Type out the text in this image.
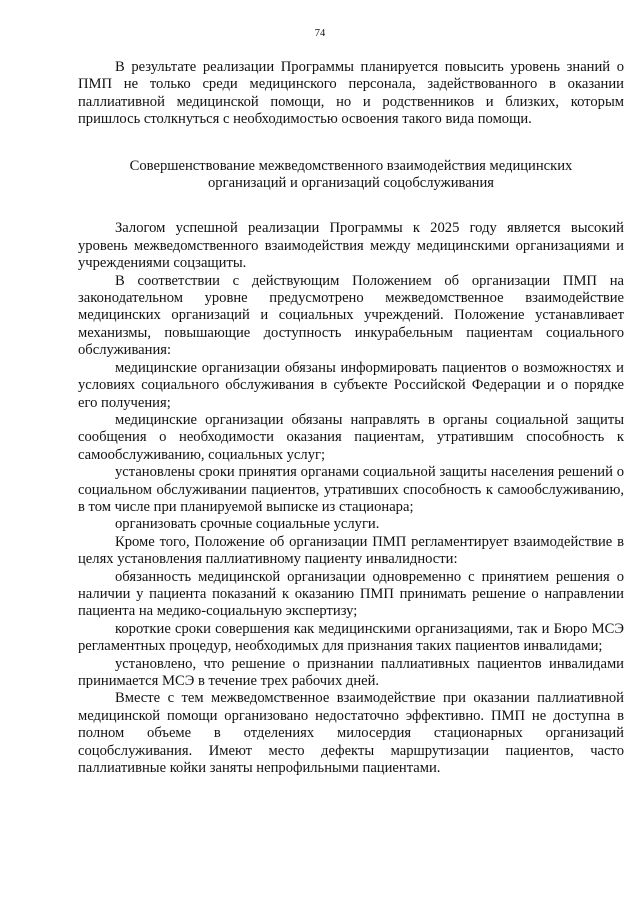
74

В результате реализации Программы планируется повысить уровень знаний о ПМП не только среди медицинского персонала, задействованного в оказании паллиативной медицинской помощи, но и родственников и близких, которым пришлось столкнуться с необходимостью освоения такого вида помощи.

Совершенствование межведомственного взаимодействия медицинских
организаций и организаций соцобслуживания

Залогом успешной реализации Программы к 2025 году является высокий уровень межведомственного взаимодействия между медицинскими организациями и учреждениями соцзащиты.

В соответствии с действующим Положением об организации ПМП на законодательном уровне предусмотрено межведомственное взаимодействие медицинских организаций и социальных учреждений. Положение устанавливает механизмы, повышающие доступность инкурабельным пациентам социального обслуживания:

медицинские организации обязаны информировать пациентов о возможностях и условиях социального обслуживания в субъекте Российской Федерации и о порядке его получения;

медицинские организации обязаны направлять в органы социальной защиты сообщения о необходимости оказания пациентам, утратившим способность к самообслуживанию, социальных услуг;

установлены сроки принятия органами социальной защиты населения решений о социальном обслуживании пациентов, утративших способность к самообслуживанию, в том числе при планируемой выписке из стационара;

организовать срочные социальные услуги.

Кроме того, Положение об организации ПМП регламентирует взаимодействие в целях установления паллиативному пациенту инвалидности:

обязанность медицинской организации одновременно с принятием решения о наличии у пациента показаний к оказанию ПМП принимать решение о направлении пациента на медико-социальную экспертизу;

короткие сроки совершения как медицинскими организациями, так и Бюро МСЭ регламентных процедур, необходимых для признания таких пациентов инвалидами;

установлено, что решение о признании паллиативных пациентов инвалидами принимается МСЭ в течение трех рабочих дней.

Вместе с тем межведомственное взаимодействие при оказании паллиативной медицинской помощи организовано недостаточно эффективно. ПМП не доступна в полном объеме в отделениях милосердия стационарных организаций соцобслуживания. Имеют место дефекты маршрутизации пациентов, часто паллиативные койки заняты непрофильными пациентами.
